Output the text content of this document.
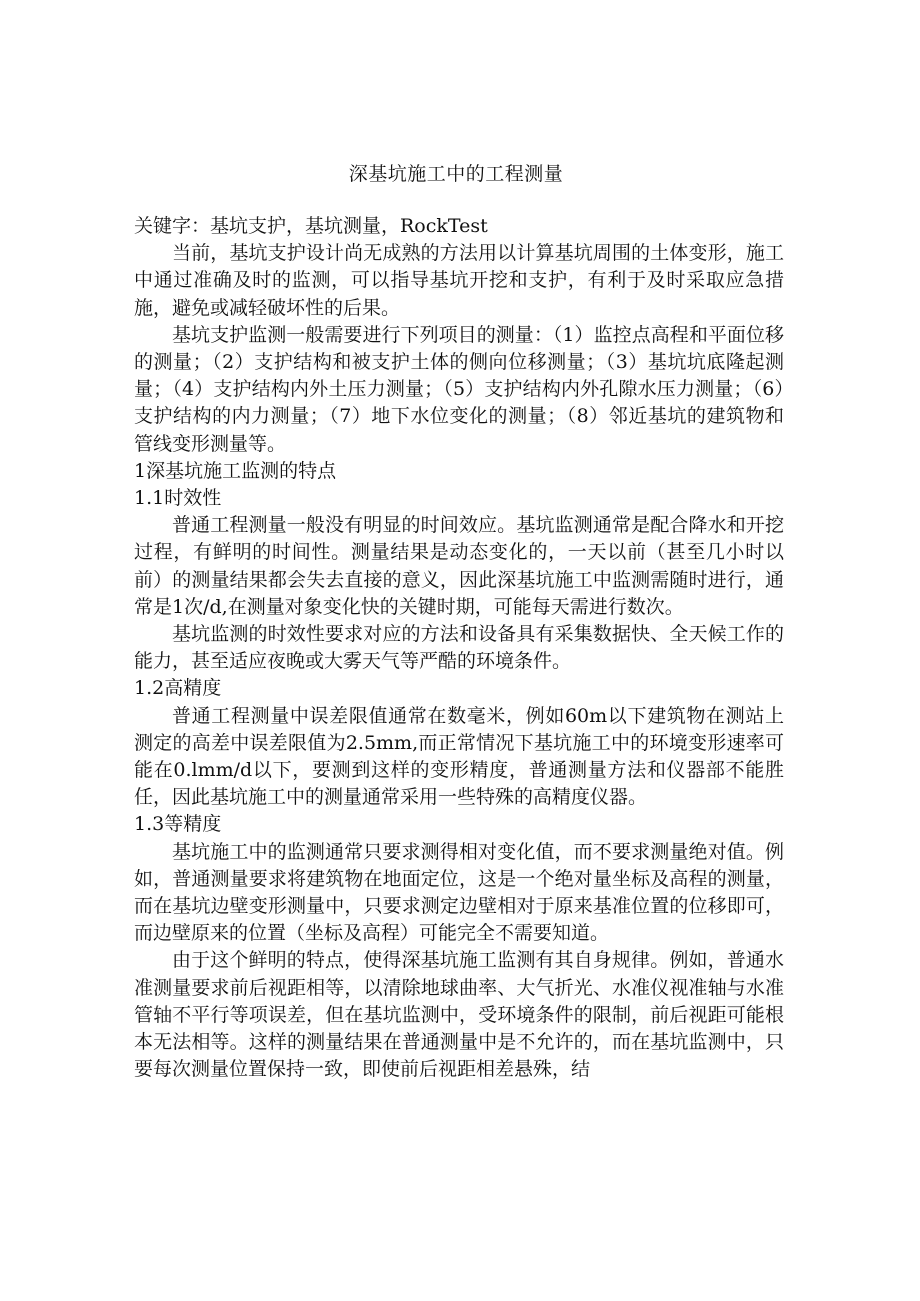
深基坑施工中的工程测量

关键字：基坑支护，基坑测量，RockTest

当前，基坑支护设计尚无成熟的方法用以计算基坑周围的土体变形，施工中通过准确及时的监测，可以指导基坑开挖和支护，有利于及时采取应急措施，避免或减轻破坏性的后果。

基坑支护监测一般需要进行下列项目的测量：（1）监控点高程和平面位移的测量；（2）支护结构和被支护土体的侧向位移测量；（3）基坑坑底隆起测量；（4）支护结构内外土压力测量；（5）支护结构内外孔隙水压力测量；（6）支护结构的内力测量；（7）地下水位变化的测量；（8）邻近基坑的建筑物和管线变形测量等。

1深基坑施工监测的特点

1.1时效性

普通工程测量一般没有明显的时间效应。基坑监测通常是配合降水和开挖过程，有鲜明的时间性。测量结果是动态变化的，一天以前（甚至几小时以前）的测量结果都会失去直接的意义，因此深基坑施工中监测需随时进行，通常是1次/d,在测量对象变化快的关键时期，可能每天需进行数次。

基坑监测的时效性要求对应的方法和设备具有采集数据快、全天候工作的能力，甚至适应夜晚或大雾天气等严酷的环境条件。

1.2高精度

普通工程测量中误差限值通常在数毫米，例如60m以下建筑物在测站上测定的高差中误差限值为2.5mm,而正常情况下基坑施工中的环境变形速率可能在0.lmm/d以下，要测到这样的变形精度，普通测量方法和仪器部不能胜任，因此基坑施工中的测量通常采用一些特殊的高精度仪器。

1.3等精度

基坑施工中的监测通常只要求测得相对变化值，而不要求测量绝对值。例如，普通测量要求将建筑物在地面定位，这是一个绝对量坐标及高程的测量，而在基坑边壁变形测量中，只要求测定边壁相对于原来基准位置的位移即可，而边壁原来的位置（坐标及高程）可能完全不需要知道。

由于这个鲜明的特点，使得深基坑施工监测有其自身规律。例如，普通水准测量要求前后视距相等，以清除地球曲率、大气折光、水准仪视准轴与水准管轴不平行等项误差，但在基坑监测中，受环境条件的限制，前后视距可能根本无法相等。这样的测量结果在普通测量中是不允许的，而在基坑监测中，只要每次测量位置保持一致，即使前后视距相差悬殊，结
